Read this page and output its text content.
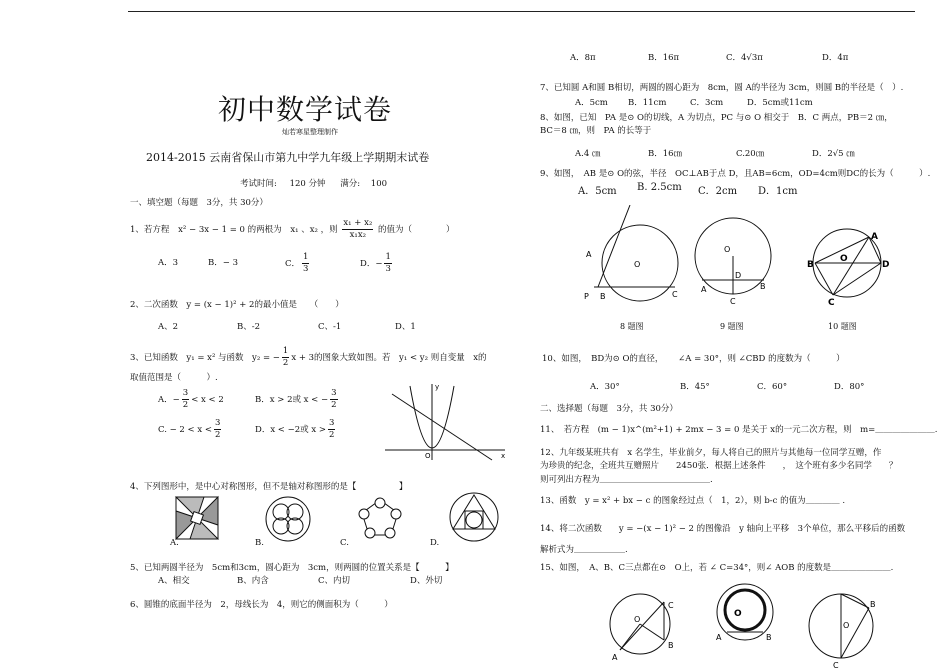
初中数学试卷
灿若寒星整理制作
2014-2015 云南省保山市第九中学九年级上学期期末试卷
考试时间: 120 分钟 满分: 100
一、填空题（每题　3分，共 30分）
1、若方程 x² − 3x − 1 = 0 的两根为 x₁ 、x₂ ，则 $\frac{\text{x₁ + x₂}}{\text{x₁x₂}}$ 的值为（　　　　）
A．3	B．− 3	C． $\frac{1}{3}$	D．− $\frac{1}{3}$
2、二次函数　y = (x − 1)² + 2的最小值是　　（　　）
A、2	B、-2	C、-1	D、1
3、已知函数　y₁ = x² 与函数　y₂ = − $\frac{1}{2}$ x + 3的图象大致如图。若　y₁ < y₂ 则自变量　x的
取值范围是（　　　）.
A．− $\frac{3}{2} < x < 2$	B．x > 2或 x < − $\frac{3}{2}$
C. − $2 < x < \frac{3}{2}$	D．x < −2或 $x > \frac{3}{2}$
y
x
O
4、下列图形中，是中心对称图形，但不是轴对称图形的是【　　　　　】
A.	B.	C.	D.
5、已知两圆半径为　5cm和3cm，圆心距为　3cm，则两圆的位置关系是【　　　】
A、相交	B、内含	C、内切	D、外切
6、圆锥的底面半径为　2，母线长为　4，则它的侧面积为（　　　）
A．8π	B．16π	C．4√3π	D．4π
7、已知圆 A和圆 B相切，两圆的圆心距为　8cm，圆 A的半径为 3cm，则圆 B的半径是（　）.
A．5cm B．11cm	C．3cm	D．5cm或11cm
8、如图，已知　PA 是⊙ O的切线，A 为切点，PC 与⊙ O 相交于　B．C 两点，PB＝2 ㎝，
BC＝8 ㎝，则　PA 的长等于
A.4 ㎝	B．16㎝	C.20㎝	D．2√5 ㎝
9、如图，　AB 是⊙ O的弦，半径　OC⊥AB于点 D，且AB=6cm，OD=4cm则DC的长为（　　　）.
A．5cm B. 2.5cm C．2cm D．1cm
A
O
P B	C
8 题图
O
D
A	B
C
9 题图
A
O
B	D
C
10 题图
10、如图，　BD为⊙ O的直径， ∠A = 30°，则 ∠CBD 的度数为（　　　）
A．30°	B．45°	C．60°	D．80°
二、选择题（每题　3分，共 30分）
11、　若方程　(m − 1)x^(m²+1) + 2mx − 3 = 0 是关于 x的一元二次方程，则　m=＿＿＿＿＿＿＿.
12、九年级某班共有　x 名学生，毕业前夕，每人将自己的照片与其他每一位同学互赠，作
为珍贵的纪念，全班共互赠照片　　2450张．根据上述条件　　，　这个班有多少名同学　　？
则可列出方程为＿＿＿＿＿＿＿＿＿＿＿＿＿.
13、函数　y = x² + bx − c 的图象经过点（　1，2），则 b-c 的值为＿＿＿＿ .
14、将二次函数　　y = −(x − 1)² − 2 的图像沿　y 轴向上平移　3个单位，那么平移后的函数
解析式为＿＿＿＿＿＿.
15、如图，　A、B、C三点都在⊙　O上，若 ∠ C=34°，则∠ AOB 的度数是＿＿＿＿＿＿＿.
C
O
A
B
O
A	B
B
C
O
